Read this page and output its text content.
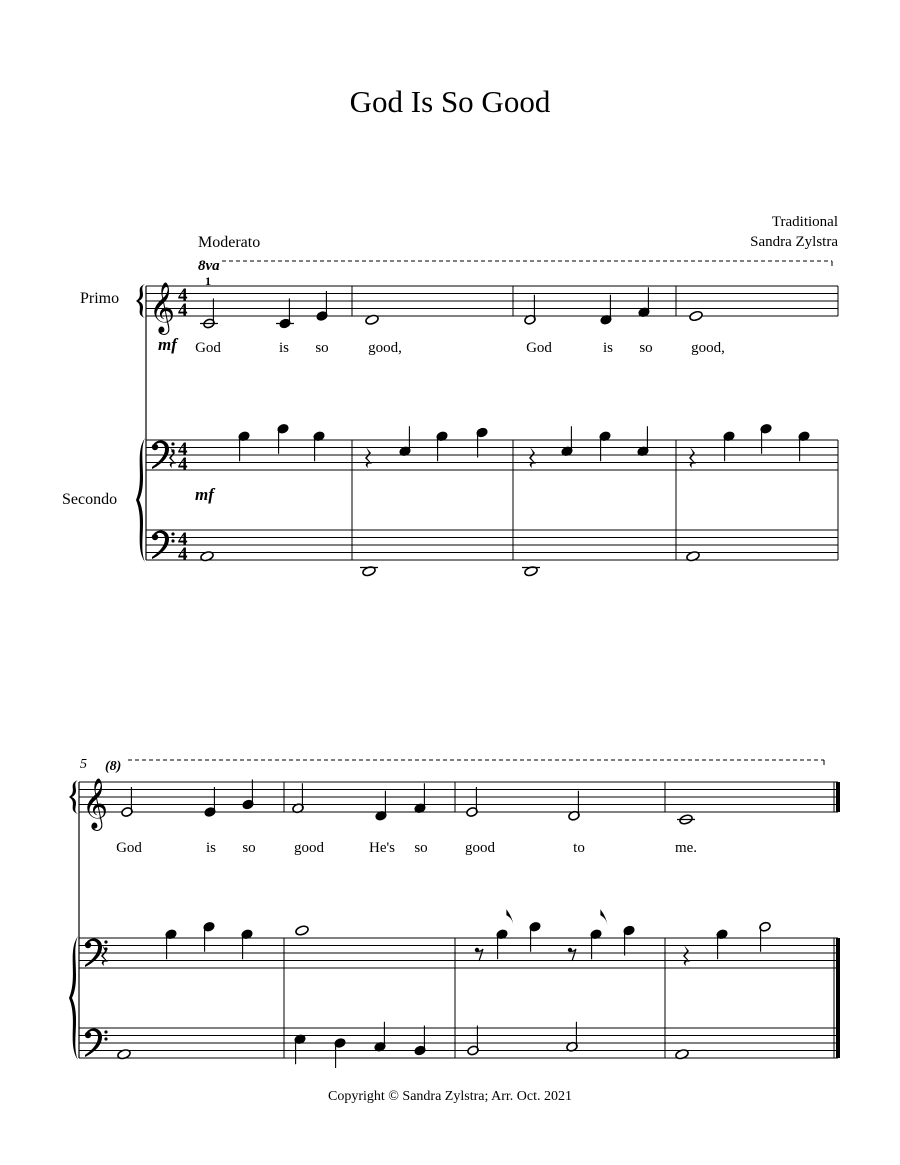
God Is So Good
Traditional
Sandra Zylstra
Moderato
Primo
Secondo
Copyright © Sandra Zylstra; Arr. Oct. 2021
𝄞
𝄞
4
4
4
4
4
4
God	is so	good,	God	is so	good,
God	is so	good	He's so good	to	me.
8va
1
mf
mf
5 (8)
